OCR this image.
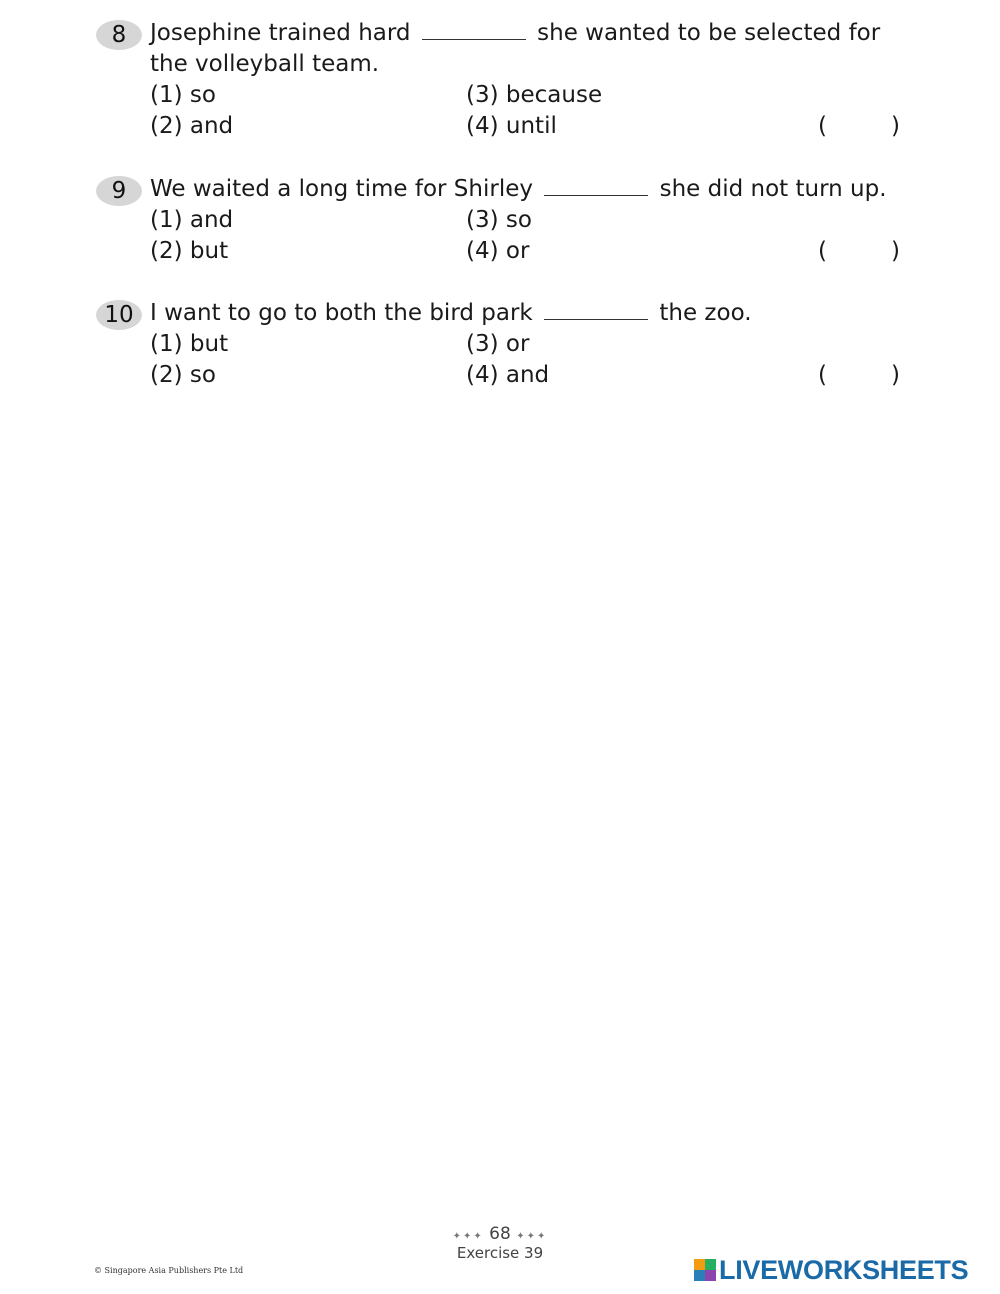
8	Josephine trained hard	she wanted to be selected for
the volleyball team.
(1) so
(2) and
(3) because
(4) until	(	)
9	We waited a long time for Shirley	she did not turn up.
(1) and
(2) but
(3) so
(4) or	(	)
10 I want to go to both the bird park	the zoo.
(1) but
(2) so
(3) or
(4) and	(	)
✦✦✦ 68 ✦✦✦
Exercise 39
© Singapore Asia Publishers Pte Ltd	LIVEWORKSHEETS
